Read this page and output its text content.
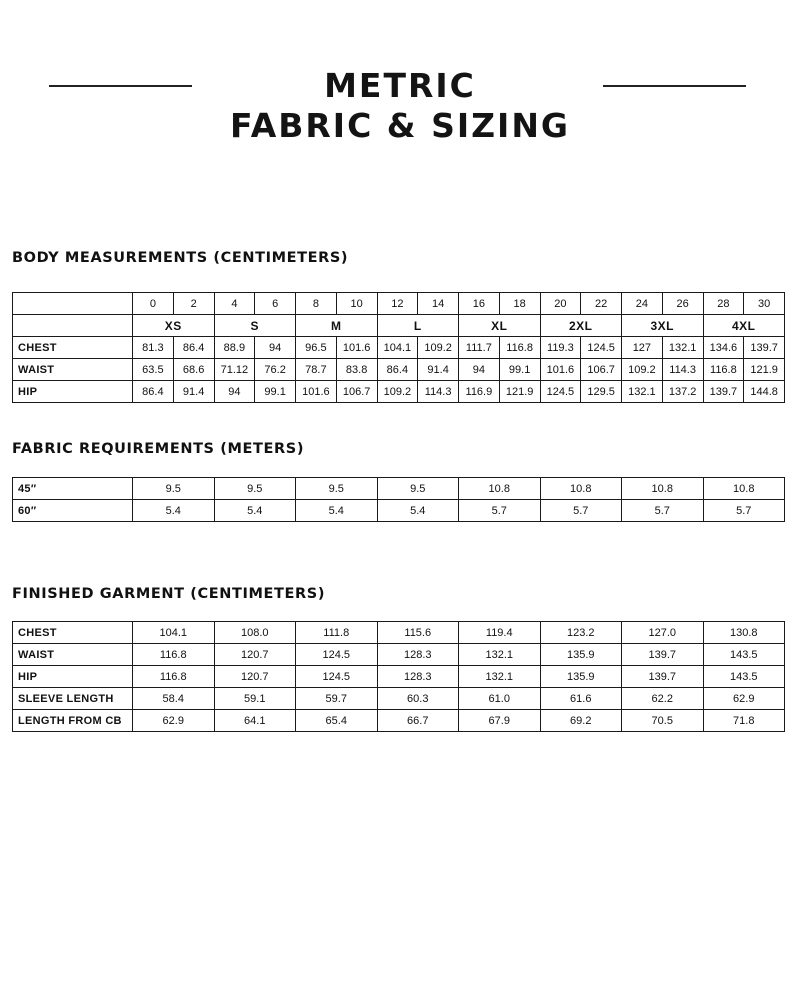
METRIC
FABRIC & SIZING
BODY MEASUREMENTS (CENTIMETERS)
	0	2	4	6	8	10	12	14	16	18	20	22	24	26	28	30
	XS		S		M		L		XL		2XL		3XL		4XL	
CHEST	81.3	86.4	88.9	94	96.5	101.6	104.1	109.2	111.7	116.8	119.3	124.5	127	132.1	134.6	139.7
WAIST	63.5	68.6	71.12	76.2	78.7	83.8	86.4	91.4	94	99.1	101.6	106.7	109.2	114.3	116.8	121.9
HIP	86.4	91.4	94	99.1	101.6	106.7	109.2	114.3	116.9	121.9	124.5	129.5	132.1	137.2	139.7	144.8
FABRIC REQUIREMENTS (METERS)
45″	9.5	9.5	9.5	9.5	10.8	10.8	10.8	10.8
60″	5.4	5.4	5.4	5.4	5.7	5.7	5.7	5.7
FINISHED GARMENT (CENTIMETERS)
CHEST	104.1	108.0	111.8	115.6	119.4	123.2	127.0	130.8
WAIST	116.8	120.7	124.5	128.3	132.1	135.9	139.7	143.5
HIP	116.8	120.7	124.5	128.3	132.1	135.9	139.7	143.5
SLEEVE LENGTH	58.4	59.1	59.7	60.3	61.0	61.6	62.2	62.9
LENGTH FROM CB	62.9	64.1	65.4	66.7	67.9	69.2	70.5	71.8
